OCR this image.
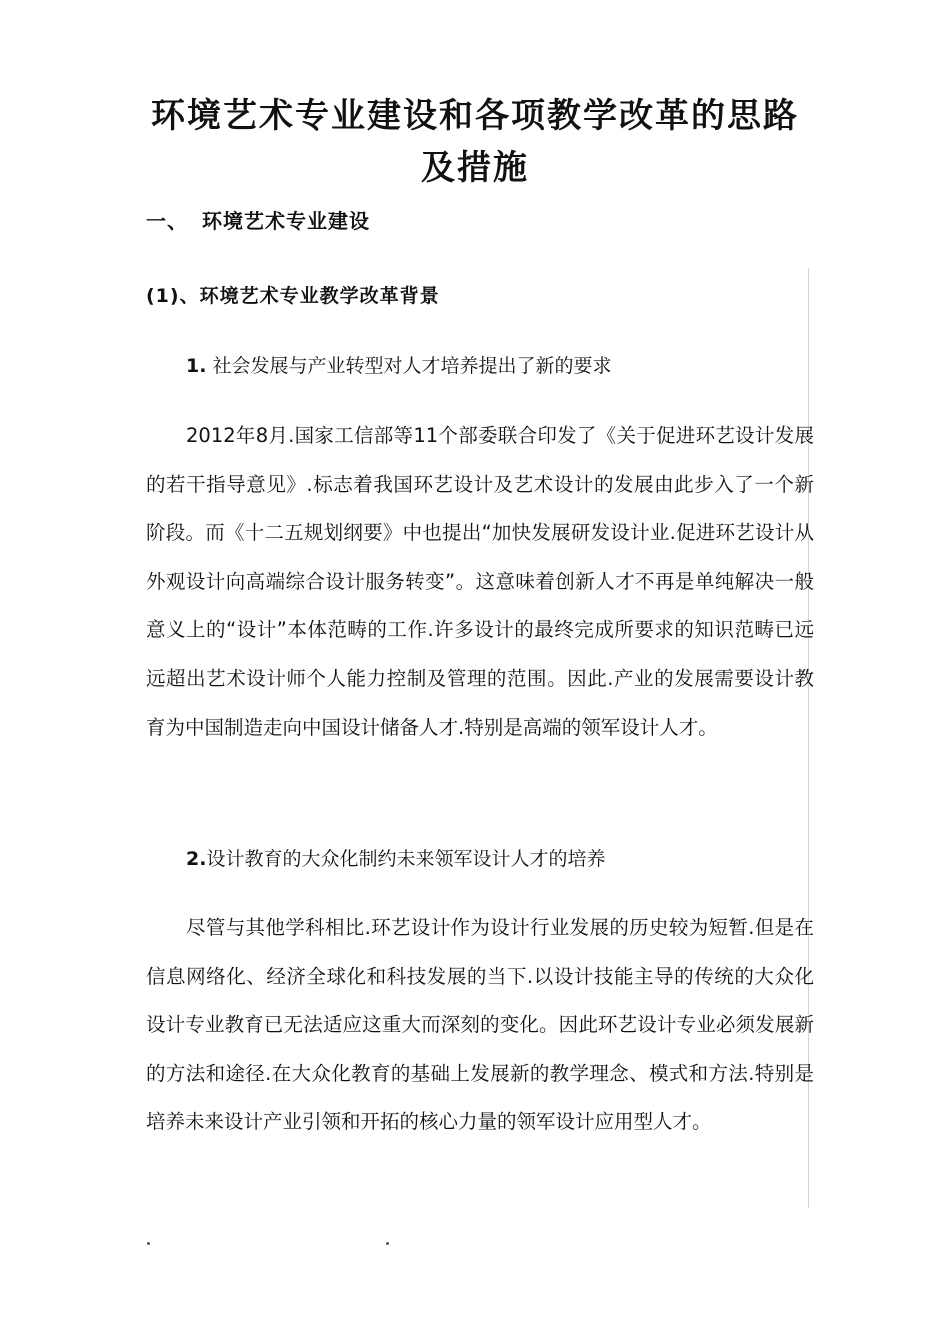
环境艺术专业建设和各项教学改革的思路
及措施
一、 环境艺术专业建设
(1)、环境艺术专业教学改革背景
1. 社会发展与产业转型对人才培养提出了新的要求

2012年8月.国家工信部等11个部委联合印发了《关于促进环艺设计发展的若干指导意见》.标志着我国环艺设计及艺术设计的发展由此步入了一个新阶段。而《十二五规划纲要》中也提出“加快发展研发设计业.促进环艺设计从外观设计向高端综合设计服务转变”。这意味着创新人才不再是单纯解决一般意义上的“设计”本体范畴的工作.许多设计的最终完成所要求的知识范畴已远远超出艺术设计师个人能力控制及管理的范围。因此.产业的发展需要设计教育为中国制造走向中国设计储备人才.特别是高端的领军设计人才。

2.设计教育的大众化制约未来领军设计人才的培养

尽管与其他学科相比.环艺设计作为设计行业发展的历史较为短暂.但是在信息网络化、经济全球化和科技发展的当下.以设计技能主导的传统的大众化设计专业教育已无法适应这重大而深刻的变化。因此环艺设计专业必须发展新的方法和途径.在大众化教育的基础上发展新的教学理念、模式和方法.特别是培养未来设计产业引领和开拓的核心力量的领军设计应用型人才。
